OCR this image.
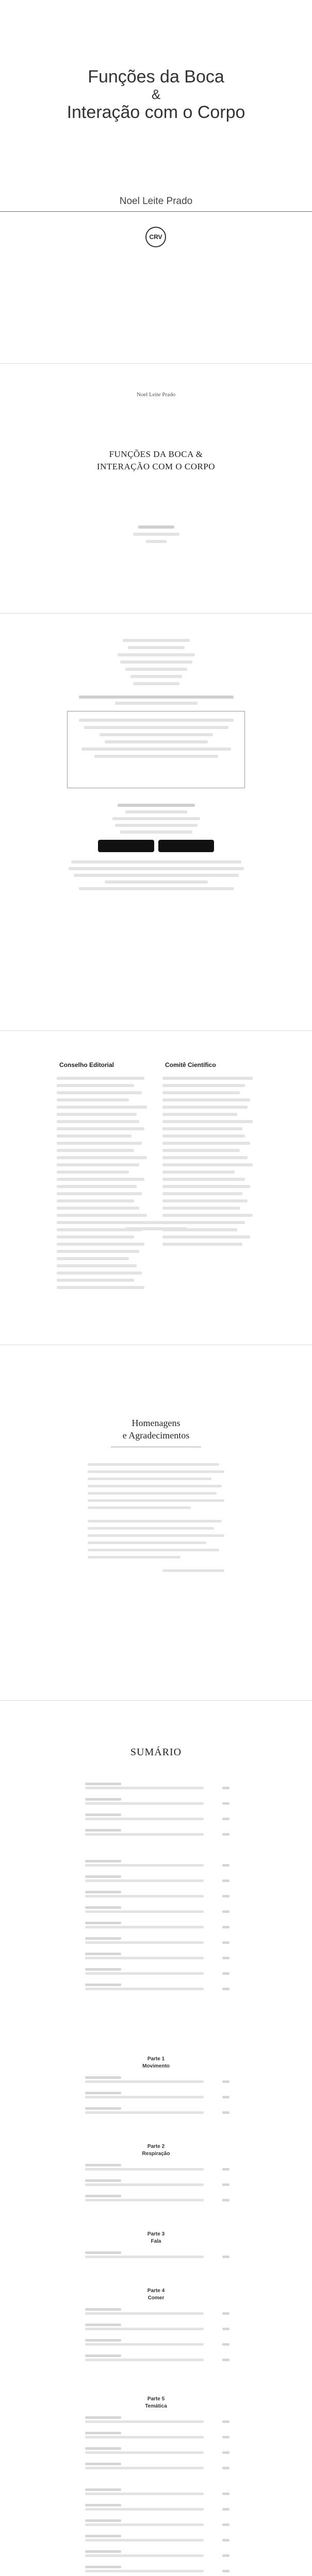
Funções da Boca
&
Interação com o Corpo
Noel Leite Prado
CRV
Noel Leite Prado
FUNÇÕES DA BOCA &
INTERAÇÃO COM O CORPO
Conselho Editorial	Comitê Científico
Homenagens
e Agradecimentos
SUMÁRIO
Parte 1
Movimento
Parte 2
Respiração
Parte 3
Fala
Parte 4
Comer
Parte 5
Temática
